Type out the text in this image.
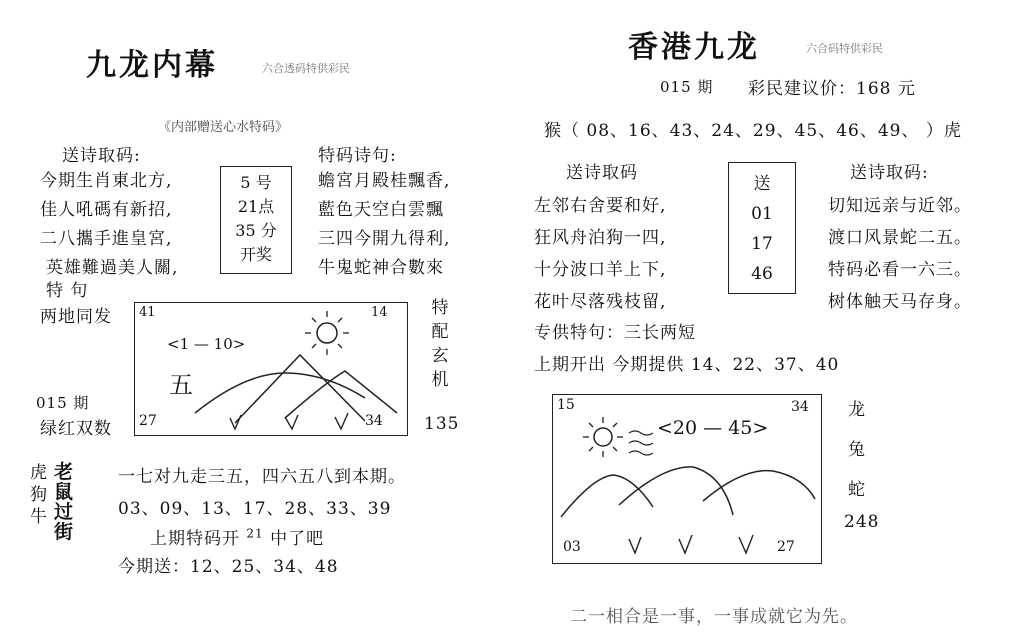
九龙内幕	六合透码特供彩民
《内部赠送心水特码》
送诗取码:
今期生肖東北方,
佳人吼碼有新招,
二八攜手進皇宮,
英雄難過美人關,
5 号
21点
35 分
开奖
特码诗句:
蟾宮月殿桂飄香,
藍色天空白雲飄
三四今開九得利,
牛鬼蛇神合數來
特 句
两地同发 41	14
<1 — 10>
五
27	34
特
配
玄
机
015 期
绿红双数	135
虎
狗
牛
老
鼠
过
街
一七对九走三五，四六五八到本期。
03、09、13、17、28、33、39
上期特码开 $^{21}$ 中了吧
今期送：12、25、34、48
香港九龙	六合码特供彩民
015 期 彩民建议价：168 元
猴（ 08、16、43、24、29、45、46、49、 ）虎
送诗取码	送诗取码:
左邻右舍要和好,
狂风舟泊狗一四,
十分波口羊上下,
花叶尽落残枝留,
送
01
17
46
切知远亲与近邻。
渡口风景蛇二五。
特码必看一六三。
树体触天马存身。
专供特句：三长两短
上期开出 今期提供 14、22、37、40
15	34
<20 — 45>
03	27
龙
兔
蛇
248
二一相合是一事，一事成就它为先。
